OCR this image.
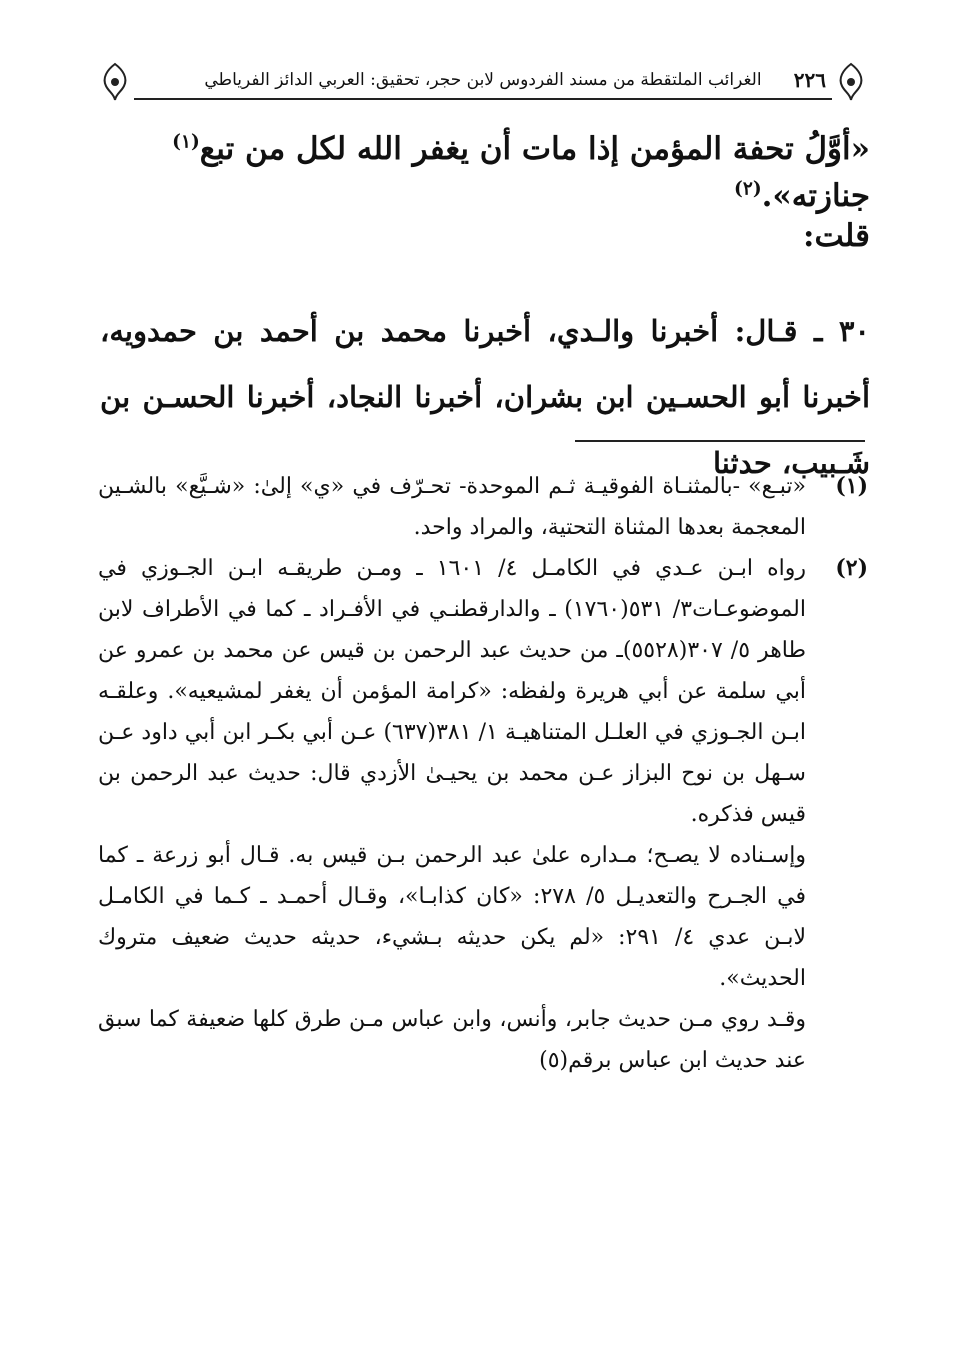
٢٢٦
الغرائب الملتقطة من مسند الفردوس لابن حجر، تحقيق: العربي الدائز الفرياطي
«أوَّلُ تحفة المؤمن إذا مات أن يغفر الله لكل من تبع$^{(١)}$ جنازته».$^{(٢)}$
قلت:
٣٠ ـ قـال: أخبرنا والـدي، أخبرنا محمد بن أحمد بن حمدويه، أخبرنا أبو الحسـين ابن بشران، أخبرنا النجاد، أخبرنا الحسـن بن شَـبيب، حدثنا
(١)
«تبـع» -بالمثنـاة الفوقيـة ثـم الموحدة- تحـرّف في «ي» إلىٰ: «شـيَّع» بالشـين المعجمة بعدها المثناة التحتية، والمراد واحد.
(٢)
رواه ابـن عـدي في الكامـل ٤/ ١٦٠١ ـ ومـن طريقـه ابـن الجـوزي في الموضوعـات٣/ ٥٣١(١٧٦٠) ـ والدارقطنـي في الأفـراد ـ كما في الأطراف لابن طاهر ٥/ ٣٠٧(٥٥٢٨)ـ من حديث عبد الرحمن بن قيس عن محمد بن عمرو عن أبي سلمة عن أبي هريرة ولفظه: «كرامة المؤمن أن يغفر لمشيعيه». وعلقـه ابـن الجـوزي في العلـل المتناهيـة ١/ ٣٨١(٦٣٧) عـن أبي بكـر ابن أبي داود عـن سـهل بن نوح البزاز عـن محمد بن يحيـىٰ الأزدي قال: حديث عبد الرحمن بن قيس فذكره.
وإسـناده لا يصـح؛ مـداره علىٰ عبد الرحمن بـن قيس به. قـال أبو زرعة ـ كما في الجـرح والتعديـل ٥/ ٢٧٨: «كان كذابـا»، وقـال أحمـد ـ كـما في الكامـل لابـن عدي ٤/ ٢٩١: «لم يكن حديثه بـشيء، حديثه حديث ضعيف متروك الحديث».
وقـد روي مـن حديث جابر، وأنس، وابن عباس مـن طرق كلها ضعيفة كما سبق عند حديث ابن عباس برقم(٥)
